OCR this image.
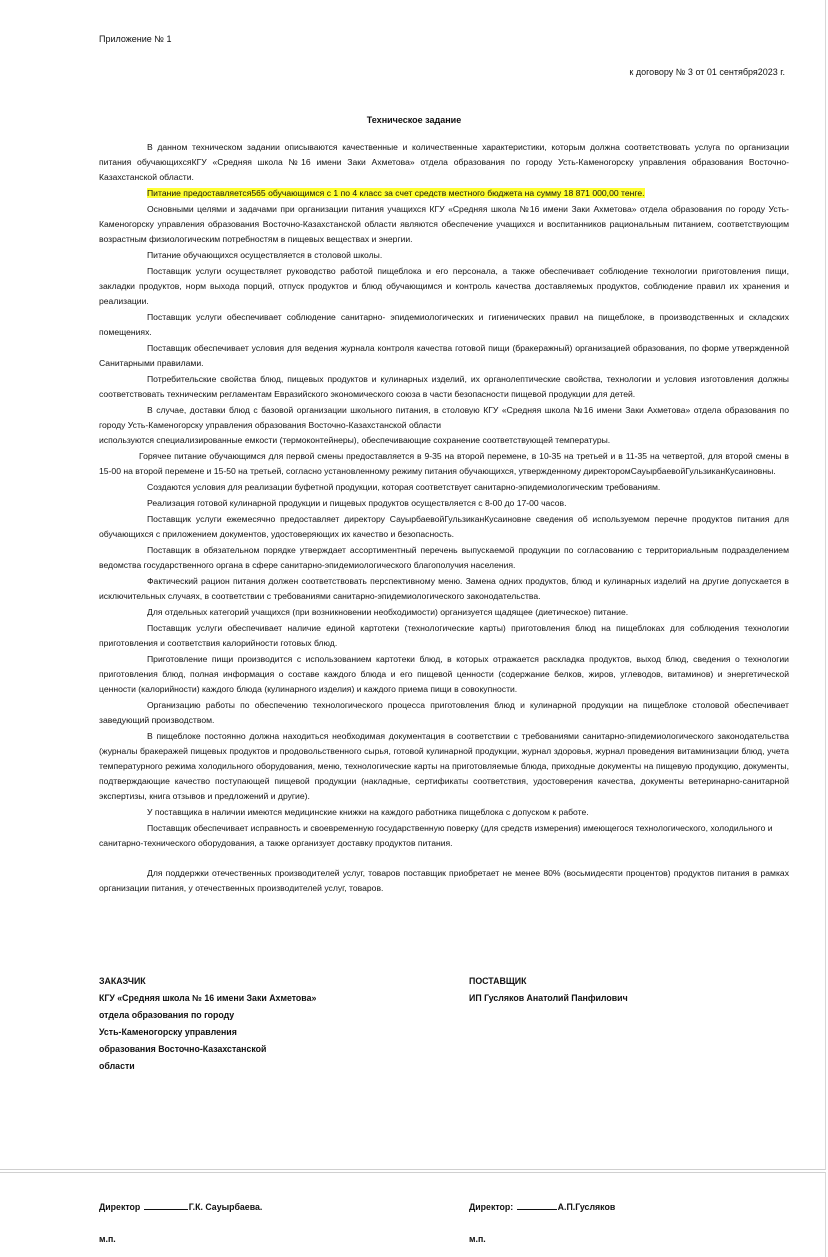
Приложение № 1
к договору № 3 от 01 сентября2023 г.
Техническое задание

В данном техническом задании описываются качественные и количественные характеристики, которым должна соответствовать услуга по организации питания обучающихсяКГУ «Средняя школа №16 имени Заки Ахметова» отдела образования по городу Усть-Каменогорску управления образования Восточно-Казахстанской области.

Питание предоставляется565 обучающимся с 1 по 4 класс за счет средств местного бюджета на сумму 18 871 000,00 тенге.

Основными целями и задачами при организации питания учащихся КГУ «Средняя школа №16 имени Заки Ахметова» отдела образования по городу Усть-Каменогорску управления образования Восточно-Казахстанской области являются обеспечение учащихся и воспитанников рациональным питанием, соответствующим возрастным физиологическим потребностям в пищевых веществах и энергии.

Питание обучающихся осуществляется в столовой школы.

Поставщик услуги осуществляет руководство работой пищеблока и его персонала, а также обеспечивает соблюдение технологии приготовления пищи, закладки продуктов, норм выхода порций, отпуск продуктов и блюд обучающимся и контроль качества доставляемых продуктов, соблюдение правил их хранения и реализации.

Поставщик услуги обеспечивает соблюдение санитарно- эпидемиологических и гигиенических правил на пищеблоке, в производственных и складских помещениях.

Поставщик обеспечивает условия для ведения журнала контроля качества готовой пищи (бракеражный) организацией образования, по форме утвержденной Санитарными правилами.

Потребительские свойства блюд, пищевых продуктов и кулинарных изделий, их органолептические свойства, технологии и условия изготовления должны соответствовать техническим регламентам Евразийского экономического союза в части безопасности пищевой продукции для детей.

В случае, доставки блюд с базовой организации школьного питания, в столовую КГУ «Средняя школа №16 имени Заки Ахметова» отдела образования по городу Усть-Каменогорску управления образования Восточно-Казахстанской области

используются специализированные емкости (термоконтейнеры), обеспечивающие сохранение соответствующей температуры.

Горячее питание обучающимся для первой смены предоставляется в 9-35 на второй перемене, в 10-35 на третьей и в 11-35 на четвертой, для второй смены в 15-00 на второй перемене и 15-50 на третьей, согласно установленному режиму питания обучающихся, утвержденному директоромСауырбаевойГульзиканКусаиновны.

Создаются условия для реализации буфетной продукции, которая соответствует санитарно-эпидемиологическим требованиям.

Реализация готовой кулинарной продукции и пищевых продуктов осуществляется с 8-00 до 17-00 часов.

Поставщик услуги ежемесячно предоставляет директору СауырбаевойГульзиканКусаиновне сведения об используемом перечне продуктов питания для обучающихся с приложением документов, удостоверяющих их качество и безопасность.

Поставщик в обязательном порядке утверждает ассортиментный перечень выпускаемой продукции по согласованию с территориальным подразделением ведомства государственного органа в сфере санитарно-эпидемиологического благополучия населения.

Фактический рацион питания должен соответствовать перспективному меню. Замена одних продуктов, блюд и кулинарных изделий на другие допускается в исключительных случаях, в соответствии с требованиями санитарно-эпидемиологического законодательства.

Для отдельных категорий учащихся (при возникновении необходимости) организуется щадящее (диетическое) питание.

Поставщик услуги обеспечивает наличие единой картотеки (технологические карты) приготовления блюд на пищеблоках для соблюдения технологии приготовления и соответствия калорийности готовых блюд.

Приготовление пищи производится с использованием картотеки блюд, в которых отражается раскладка продуктов, выход блюд, сведения о технологии приготовления блюд, полная информация о составе каждого блюда и его пищевой ценности (содержание белков, жиров, углеводов, витаминов) и энергетической ценности (калорийности) каждого блюда (кулинарного изделия) и каждого приема пищи в совокупности.

Организацию работы по обеспечению технологического процесса приготовления блюд и кулинарной продукции на пищеблоке столовой обеспечивает заведующий производством.

В пищеблоке постоянно должна находиться необходимая документация в соответствии с требованиями санитарно-эпидемиологического законодательства (журналы бракеражей пищевых продуктов и продовольственного сырья, готовой кулинарной продукции, журнал здоровья, журнал проведения витаминизации блюд, учета температурного режима холодильного оборудования, меню, технологические карты на приготовляемые блюда, приходные документы на пищевую продукцию, документы, подтверждающие качество поступающей пищевой продукции (накладные, сертификаты соответствия, удостоверения качества, документы ветеринарно-санитарной экспертизы, книга отзывов и предложений и другие).

У поставщика в наличии имеются медицинские книжки на каждого работника пищеблока с допуском к работе.

Поставщик обеспечивает исправность и своевременную государственную поверку (для средств измерения) имеющегося технологического, холодильного и

санитарно-технического оборудования, а также организует доставку продуктов питания.

Для поддержки отечественных производителей услуг, товаров поставщик приобретает не менее 80% (восьмидесяти процентов) продуктов питания в рамках организации питания, у отечественных производителей услуг, товаров.

ЗАКАЗЧИК
КГУ «Средняя школа № 16 имени Заки Ахметова»
отдела образования по городу
Усть-Каменогорску управления
образования Восточно-Казахстанской
области
ПОСТАВЩИК
ИП Гусляков Анатолий Панфилович
Директор	Г.К. Сауырбаева.	Директор:	А.П.Гусляков
м.п.	м.п.
